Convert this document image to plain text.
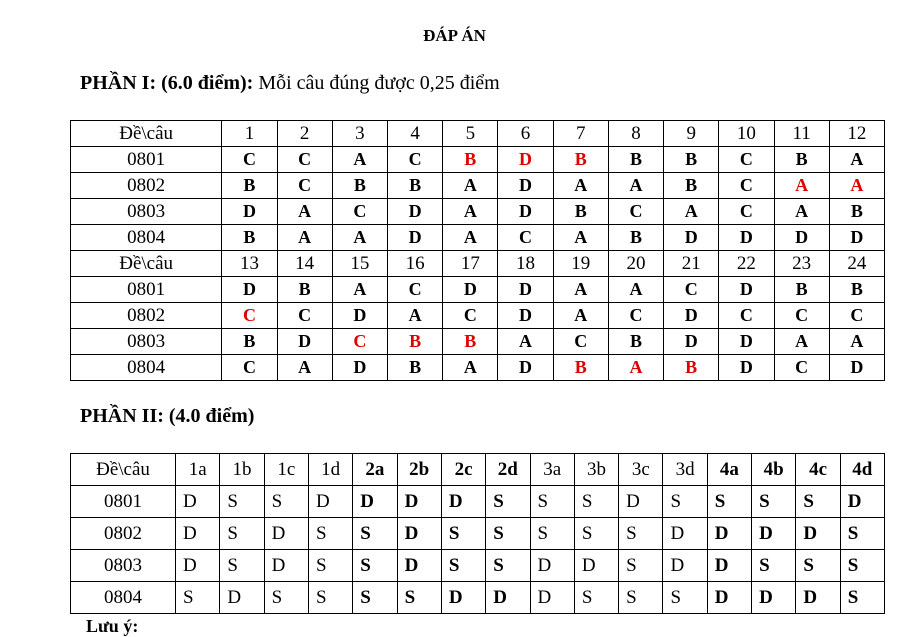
ĐÁP ÁN
PHẦN I: (6.0 điểm): Mỗi câu đúng được 0,25 điểm
Đề\câu	1	2	3	4	5	6	7	8	9	10	11	12
0801	C	C	A	C	B	D	B	B	B	C	B	A
0802	B	C	B	B	A	D	A	A	B	C	A	A
0803	D	A	C	D	A	D	B	C	A	C	A	B
0804	B	A	A	D	A	C	A	B	D	D	D	D
Đề\câu	13	14	15	16	17	18	19	20	21	22	23	24
0801	D	B	A	C	D	D	A	A	C	D	B	B
0802	C	C	D	A	C	D	A	C	D	C	C	C
0803	B	D	C	B	B	A	C	B	D	D	A	A
0804	C	A	D	B	A	D	B	A	B	D	C	D
PHẦN II: (4.0 điểm)
Đề\câu	1a	1b	1c	1d	2a	2b	2c	2d	3a	3b	3c	3d	4a	4b	4c	4d
0801	D	S	S	D	D	D	D	S	S	S	D	S	S	S	S	D
0802	D	S	D	S	S	D	S	S	S	S	S	D	D	D	D	S
0803	D	S	D	S	S	D	S	S	D	D	S	D	D	S	S	S
0804	S	D	S	S	S	S	D	D	D	S	S	S	D	D	D	S
Lưu ý:
